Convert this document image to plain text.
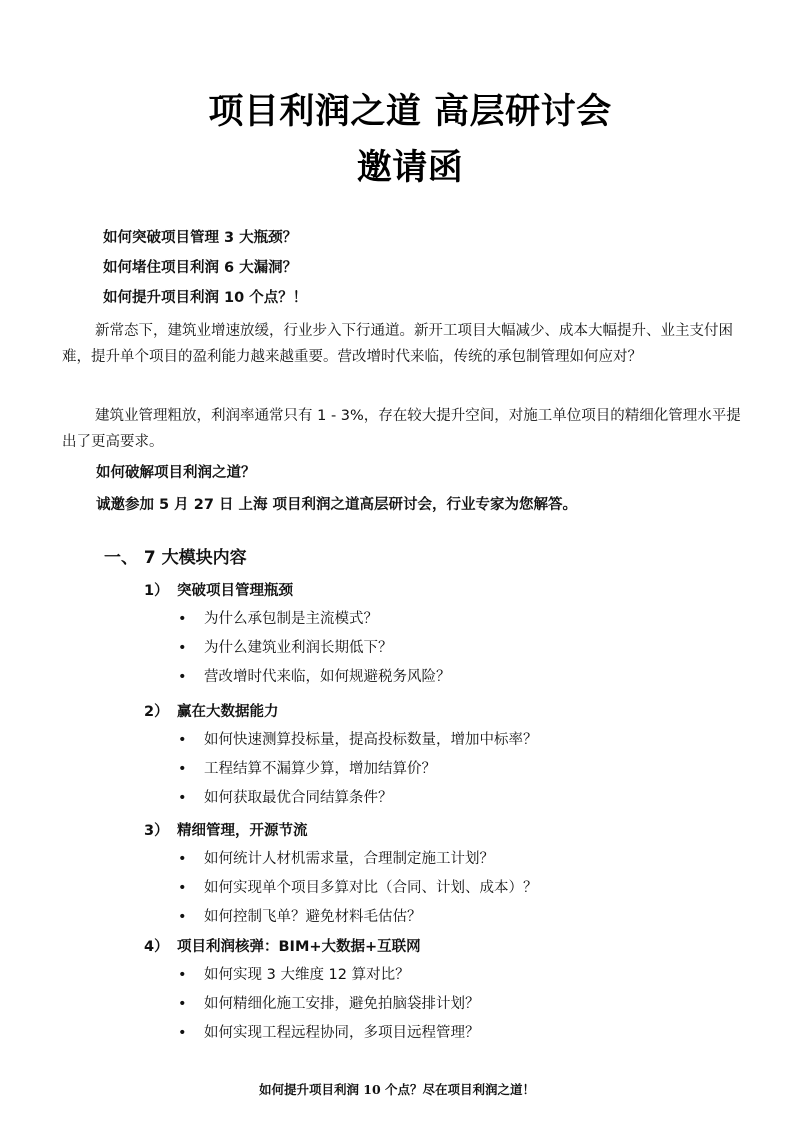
项目利润之道 高层研讨会
邀请函
如何突破项目管理 3 大瓶颈？
如何堵住项目利润 6 大漏洞？
如何提升项目利润 10 个点？！

新常态下，建筑业增速放缓，行业步入下行通道。新开工项目大幅减少、成本大幅提升、业主支付困难，提升单个项目的盈利能力越来越重要。营改增时代来临，传统的承包制管理如何应对？

建筑业管理粗放，利润率通常只有 1 - 3%，存在较大提升空间，对施工单位项目的精细化管理水平提出了更高要求。

如何破解项目利润之道？
诚邀参加 5 月 27 日 上海 项目利润之道高层研讨会，行业专家为您解答。
一、 7 大模块内容
1） 突破项目管理瓶颈
• 为什么承包制是主流模式？
• 为什么建筑业利润长期低下？
• 营改增时代来临，如何规避税务风险？
2） 赢在大数据能力
• 如何快速测算投标量，提高投标数量，增加中标率？
• 工程结算不漏算少算，增加结算价？
• 如何获取最优合同结算条件？
3） 精细管理，开源节流
• 如何统计人材机需求量，合理制定施工计划？
• 如何实现单个项目多算对比（合同、计划、成本）？
• 如何控制飞单？避免材料毛估估？
4） 项目利润核弹：BIM+大数据+互联网
• 如何实现 3 大维度 12 算对比？
• 如何精细化施工安排，避免拍脑袋排计划？
• 如何实现工程远程协同，多项目远程管理？
如何提升项目利润 10 个点？尽在项目利润之道！
